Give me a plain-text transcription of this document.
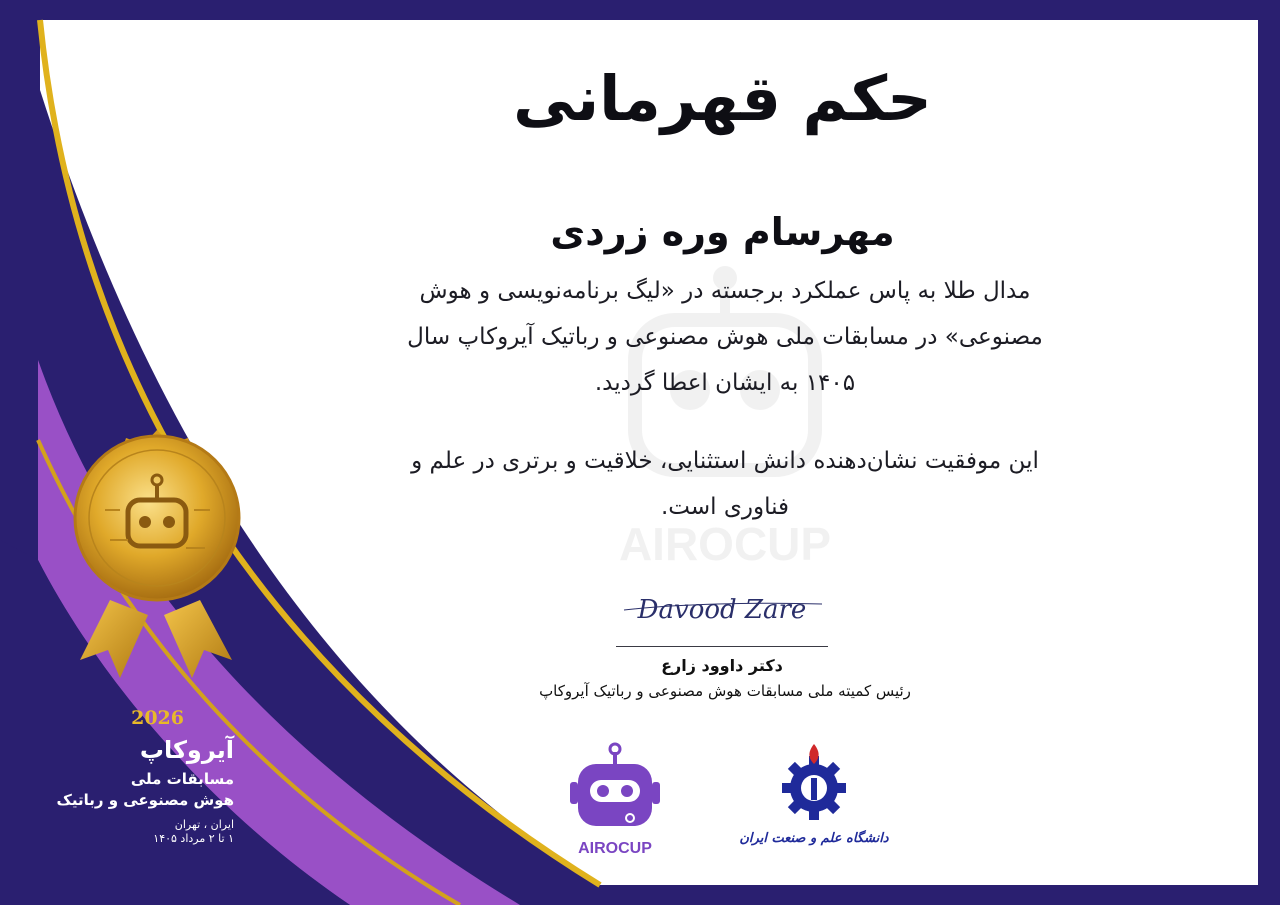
AIROCUP
حکم قهرمانی
مهرسام وره زردی
مدال طلا به پاس عملکرد برجسته در «لیگ برنامه‌نویسی و هوش مصنوعی» در مسابقات ملی هوش مصنوعی و رباتیک آیروکاپ سال ۱۴۰۵ به ایشان اعطا گردید.
این موفقیت نشان‌دهنده دانش استثنایی، خلاقیت و برتری در علم و فناوری است.
Davood Zare
دکتر داوود زارع
رئیس کمیته ملی مسابقات هوش مصنوعی و رباتیک آیروکاپ
2026
آیروکاپ
مسابقات ملی
هوش مصنوعی و رباتیک
ایران ، تهران
۱ تا ۲ مرداد ۱۴۰۵
AIROCUP
دانشگاه علم و صنعت ایران
